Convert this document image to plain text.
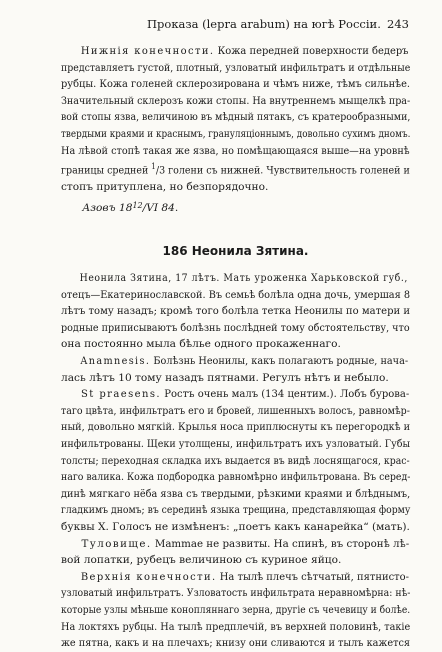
Проказа (lepra arabum) на югѣ Россіи. 243

Нижнія конечности. Кожа передней поверхности бедеръ
представляетъ густой, плотный, узловатый инфильтратъ и отдѣльные
рубцы. Кожа голеней склерозирована и чѣмъ ниже, тѣмъ сильнѣе.
Значительный склерозъ кожи стопы. На внутреннемъ мыщелкѣ пра-
вой стопы язва, величиною въ мѣдный пятакъ, съ кратерообразными,
твердыми краями и краснымъ, грануляціоннымъ, довольно сухимъ дномъ.
На лѣвой стопѣ такая же язва, но помѣщающаяся выше—на уровнѣ
границы средней $^1$/3 голени съ нижней. Чувствительность голеней и
стопъ притуплена, но безпорядочно.

Азовъ $18^{12}/VI$ 84.

186 Неонила Зятина.

Неонила Зятина, 17 лѣтъ. Мать уроженка Харьковской губ.,
отецъ—Екатеринославской. Въ семьѣ болѣла одна дочь, умершая 8
лѣтъ тому назадъ; кромѣ того болѣла тетка Неонилы по матери и
родные приписываютъ болѣзнь послѣдней тому обстоятельству, что
она постоянно мыла бѣлье одного прокаженнаго.

Anamnesis. Болѣзнь Неонилы, какъ полагаютъ родные, нача-
лась лѣтъ 10 тому назадъ пятнами. Регулъ нѣтъ и небыло.

St praesens. Ростъ очень малъ (134 центим.). Лобъ бурова-
таго цвѣта, инфильтратъ его и бровей, лишенныхъ волосъ, равномѣр-
ный, довольно мягкій. Крылья носа приплюснуты къ перегородкѣ и
инфильтрованы. Щеки утолщены, инфильтратъ ихъ узловатый. Губы
толсты; переходная складка ихъ выдается въ видѣ лоснящагося, крас-
наго валика. Кожа подбородка равномѣрно инфильтрована. Въ серед-
динѣ мягкаго нёба язва съ твердыми, рѣзкими краями и блѣднымъ,
гладкимъ дномъ; въ серединѣ языка трещина, представляющая форму
буквы X. Голосъ не измѣненъ: „поетъ какъ канарейка“ (мать).

Туловище. Mammae не развиты. На спинѣ, въ сторонѣ лѣ-
вой лопатки, рубецъ величиною съ куриное яйцо.

Верхнія конечности. На тылѣ плечъ сѣтчатый, пятнисто-
узловатый инфильтратъ. Узловатость инфильтрата неравномѣрна: нѣ-
которые узлы мѣньше конопляннаго зерна, другіе съ чечевицу и болѣе.
На локтяхъ рубцы. На тылѣ предплечій, въ верхней половинѣ, такіе
же пятна, какъ и на плечахъ; книзу они сливаются и тылъ кажется
